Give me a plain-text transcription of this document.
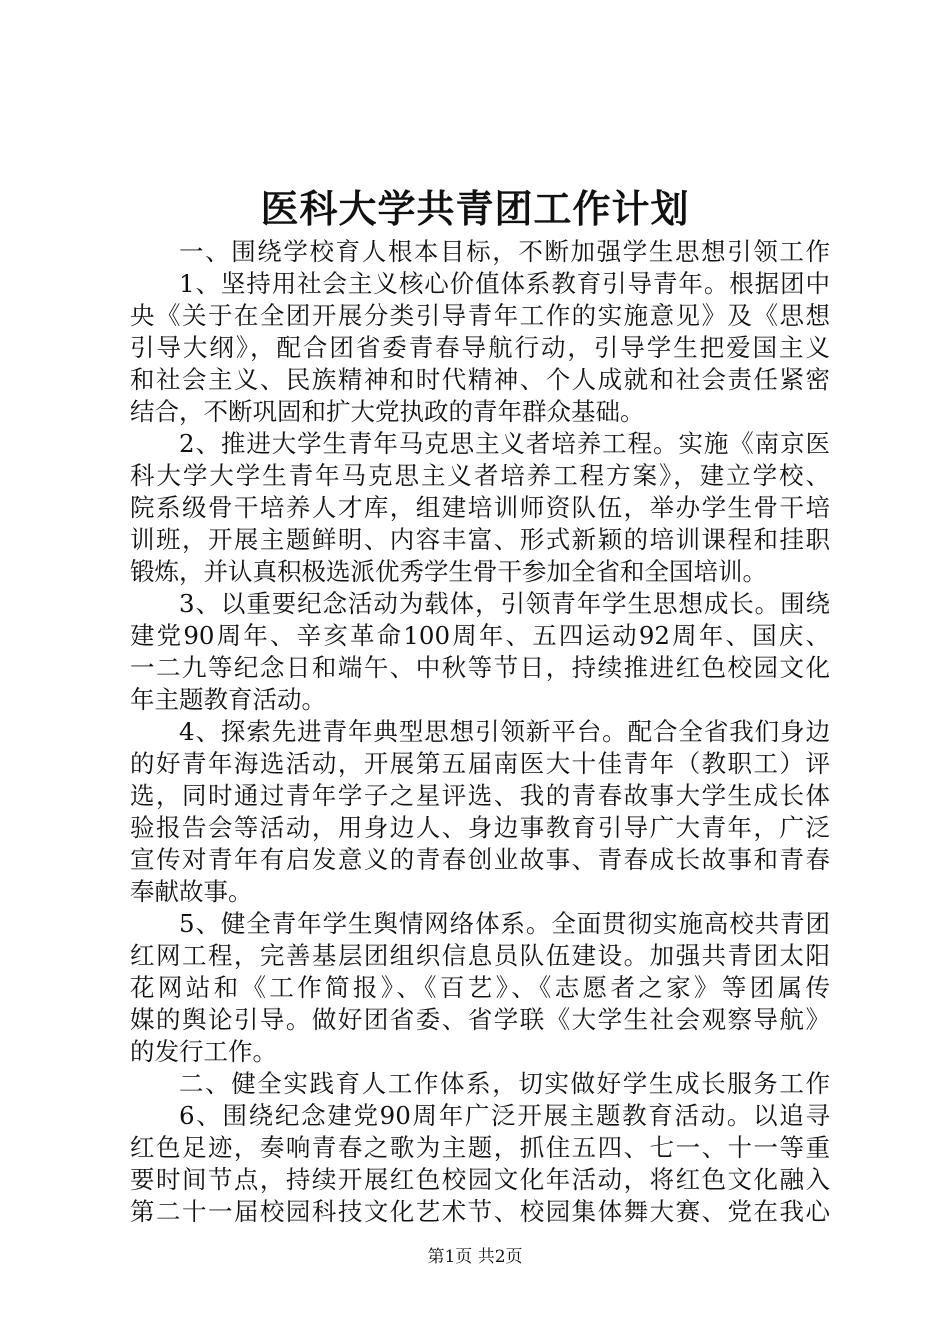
医科大学共青团工作计划
一、围绕学校育人根本目标，不断加强学生思想引领工作
1、坚持用社会主义核心价值体系教育引导青年。根据团中
央《关于在全团开展分类引导青年工作的实施意见》及《思想
引导大纲》，配合团省委青春导航行动，引导学生把爱国主义
和社会主义、民族精神和时代精神、个人成就和社会责任紧密
结合，不断巩固和扩大党执政的青年群众基础。
2、推进大学生青年马克思主义者培养工程。实施《南京医
科大学大学生青年马克思主义者培养工程方案》，建立学校、
院系级骨干培养人才库，组建培训师资队伍，举办学生骨干培
训班，开展主题鲜明、内容丰富、形式新颖的培训课程和挂职
锻炼，并认真积极选派优秀学生骨干参加全省和全国培训。
3、以重要纪念活动为载体，引领青年学生思想成长。围绕
建党90周年、辛亥革命100周年、五四运动92周年、国庆、
一二九等纪念日和端午、中秋等节日，持续推进红色校园文化
年主题教育活动。
4、探索先进青年典型思想引领新平台。配合全省我们身边
的好青年海选活动，开展第五届南医大十佳青年（教职工）评
选，同时通过青年学子之星评选、我的青春故事大学生成长体
验报告会等活动，用身边人、身边事教育引导广大青年，广泛
宣传对青年有启发意义的青春创业故事、青春成长故事和青春
奉献故事。
5、健全青年学生舆情网络体系。全面贯彻实施高校共青团
红网工程，完善基层团组织信息员队伍建设。加强共青团太阳
花网站和《工作简报》、《百艺》、《志愿者之家》等团属传
媒的舆论引导。做好团省委、省学联《大学生社会观察导航》
的发行工作。
二、健全实践育人工作体系，切实做好学生成长服务工作
6、围绕纪念建党90周年广泛开展主题教育活动。以追寻
红色足迹，奏响青春之歌为主题，抓住五四、七一、十一等重
要时间节点，持续开展红色校园文化年活动，将红色文化融入
第二十一届校园科技文化艺术节、校园集体舞大赛、党在我心
第1页 共2页
